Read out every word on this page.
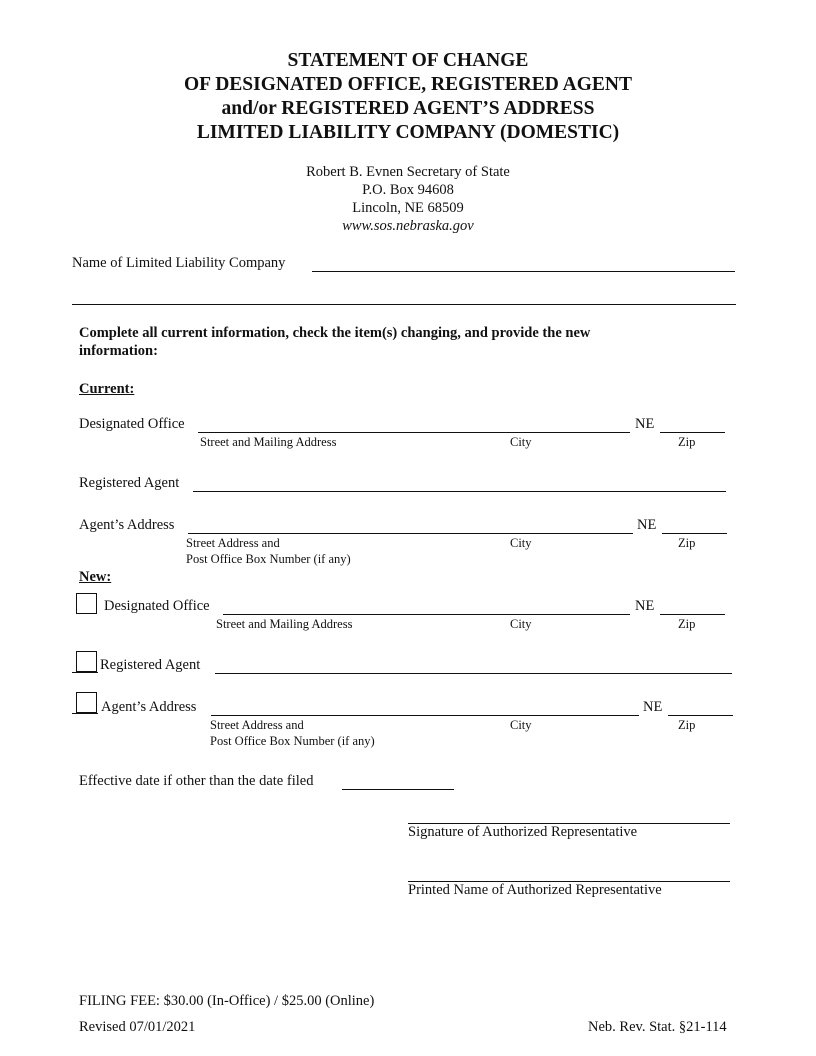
STATEMENT OF CHANGE
OF DESIGNATED OFFICE, REGISTERED AGENT
and/or REGISTERED AGENT’S ADDRESS
LIMITED LIABILITY COMPANY (DOMESTIC)
Robert B. Evnen Secretary of State
P.O. Box 94608
Lincoln, NE 68509
www.sos.nebraska.gov
Name of Limited Liability Company
Complete all current information, check the item(s) changing, and provide the new
information:
Current:
Designated Office	NE
Street and Mailing Address	City	Zip
Registered Agent
Agent’s Address	NE
Street Address and
Post Office Box Number (if any)
City	Zip
New:
Designated Office	NE
Street and Mailing Address	City	Zip
Registered Agent
Agent’s Address	NE
Street Address and
Post Office Box Number (if any)
City	Zip
Effective date if other than the date filed
Signature of Authorized Representative
Printed Name of Authorized Representative
FILING FEE: $30.00 (In-Office) / $25.00 (Online)
Revised 07/01/2021	Neb. Rev. Stat. §21-114
